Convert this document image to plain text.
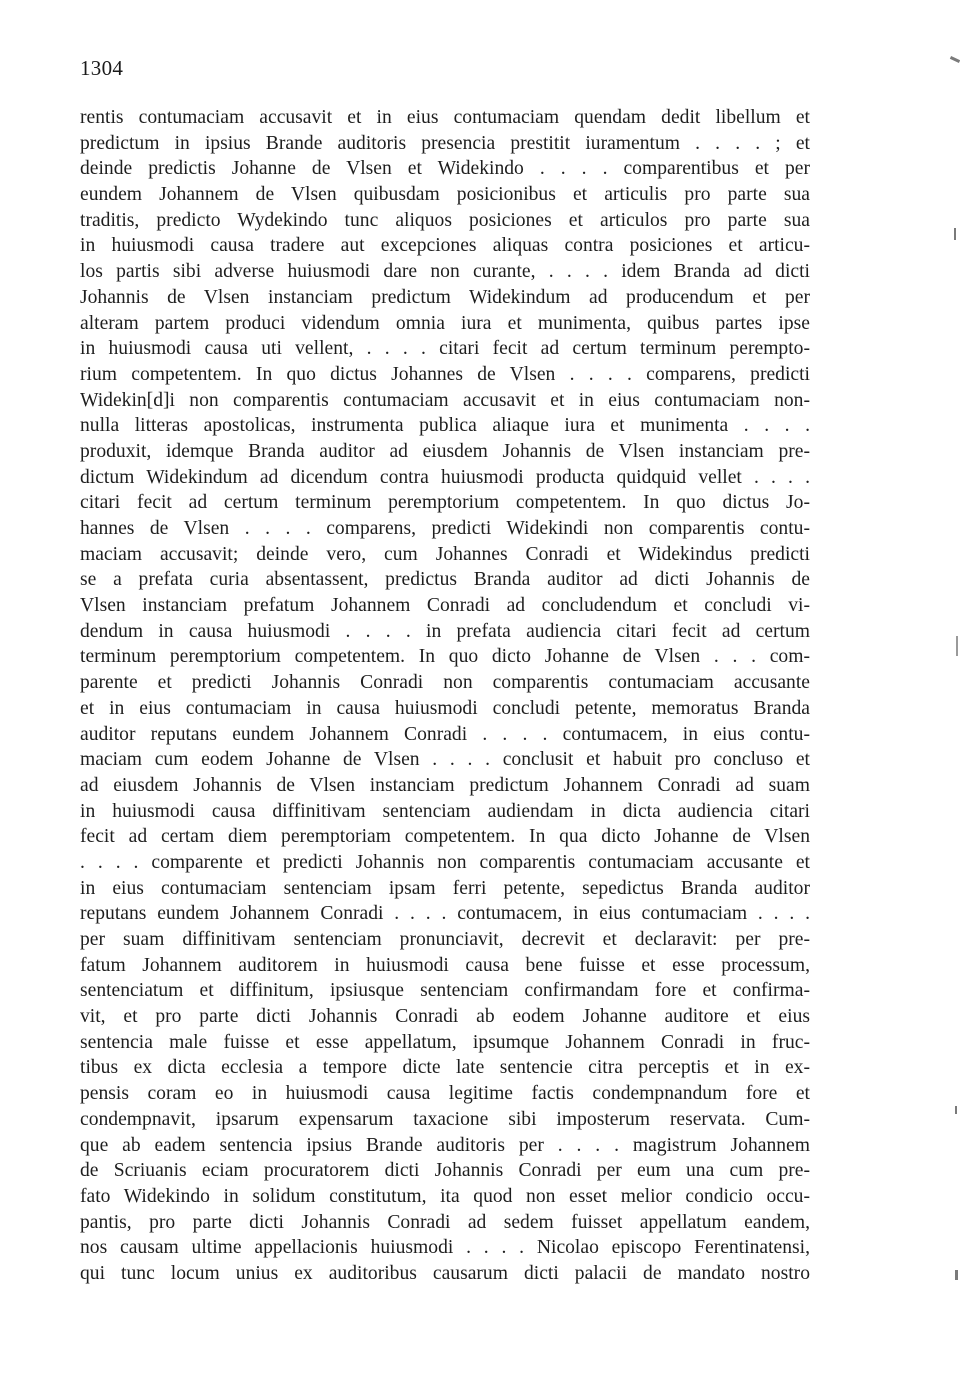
1304
rentis contumaciam accusavit et in eius contumaciam quendam dedit libellum et
predictum in ipsius Brande auditoris presencia prestitit iuramentum . . . . ; et
deinde predictis Johanne de Vlsen et Widekindo . . . . comparentibus et per
eundem Johannem de Vlsen quibusdam posicionibus et articulis pro parte sua
traditis, predicto Wydekindo tunc aliquos posiciones et articulos pro parte sua
in huiusmodi causa tradere aut excepciones aliquas contra posiciones et articu-
los partis sibi adverse huiusmodi dare non curante, . . . . idem Branda ad dicti
Johannis de Vlsen instanciam predictum Widekindum ad producendum et per
alteram partem produci videndum omnia iura et munimenta, quibus partes ipse
in huiusmodi causa uti vellent, . . . . citari fecit ad certum terminum perempto-
rium competentem. In quo dictus Johannes de Vlsen . . . . comparens, predicti
Widekin[d]i non comparentis contumaciam accusavit et in eius contumaciam non-
nulla litteras apostolicas, instrumenta publica aliaque iura et munimenta . . . .
produxit, idemque Branda auditor ad eiusdem Johannis de Vlsen instanciam pre-
dictum Widekindum ad dicendum contra huiusmodi producta quidquid vellet . . . .
citari fecit ad certum terminum peremptorium competentem. In quo dictus Jo-
hannes de Vlsen . . . . comparens, predicti Widekindi non comparentis contu-
maciam accusavit; deinde vero, cum Johannes Conradi et Widekindus predicti
se a prefata curia absentassent, predictus Branda auditor ad dicti Johannis de
Vlsen instanciam prefatum Johannem Conradi ad concludendum et concludi vi-
dendum in causa huiusmodi . . . . in prefata audiencia citari fecit ad certum
terminum peremptorium competentem. In quo dicto Johanne de Vlsen . . . com-
parente et predicti Johannis Conradi non comparentis contumaciam accusante
et in eius contumaciam in causa huiusmodi concludi petente, memoratus Branda
auditor reputans eundem Johannem Conradi . . . . contumacem, in eius contu-
maciam cum eodem Johanne de Vlsen . . . . conclusit et habuit pro concluso et
ad eiusdem Johannis de Vlsen instanciam predictum Johannem Conradi ad suam
in huiusmodi causa diffinitivam sentenciam audiendam in dicta audiencia citari
fecit ad certam diem peremptoriam competentem. In qua dicto Johanne de Vlsen
. . . . comparente et predicti Johannis non comparentis contumaciam accusante et
in eius contumaciam sentenciam ipsam ferri petente, sepedictus Branda auditor
reputans eundem Johannem Conradi . . . . contumacem, in eius contumaciam . . . .
per suam diffinitivam sentenciam pronunciavit, decrevit et declaravit: per pre-
fatum Johannem auditorem in huiusmodi causa bene fuisse et esse processum,
sentenciatum et diffinitum, ipsiusque sentenciam confirmandam fore et confirma-
vit, et pro parte dicti Johannis Conradi ab eodem Johanne auditore et eius
sentencia male fuisse et esse appellatum, ipsumque Johannem Conradi in fruc-
tibus ex dicta ecclesia a tempore dicte late sentencie citra perceptis et in ex-
pensis coram eo in huiusmodi causa legitime factis condempnandum fore et
condempnavit, ipsarum expensarum taxacione sibi imposterum reservata. Cum-
que ab eadem sentencia ipsius Brande auditoris per . . . . magistrum Johannem
de Scriuanis eciam procuratorem dicti Johannis Conradi per eum una cum pre-
fato Widekindo in solidum constitutum, ita quod non esset melior condicio occu-
pantis, pro parte dicti Johannis Conradi ad sedem fuisset appellatum eandem,
nos causam ultime appellacionis huiusmodi . . . . Nicolao episcopo Ferentinatensi,
qui tunc locum unius ex auditoribus causarum dicti palacii de mandato nostro
